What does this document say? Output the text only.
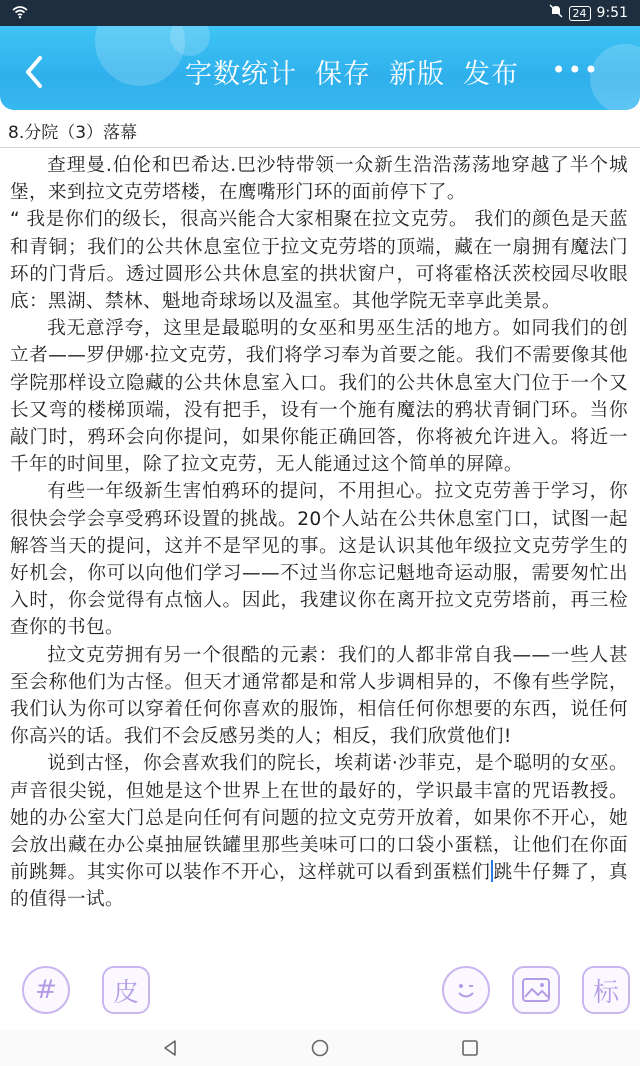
24 9:51
字数统计 保存 新版 发布 •••
8.分院（3）落幕

查理曼.伯伦和巴希达.巴沙特带领一众新生浩浩荡荡地穿越了半个城堡，来到拉文克劳塔楼，在鹰嘴形门环的面前停下了。

“ 我是你们的级长，很高兴能合大家相聚在拉文克劳。 我们的颜色是天蓝和青铜；我们的公共休息室位于拉文克劳塔的顶端，藏在一扇拥有魔法门环的门背后。透过圆形公共休息室的拱状窗户，可将霍格沃茨校园尽收眼底：黑湖、禁林、魁地奇球场以及温室。其他学院无幸享此美景。

我无意浮夸，这里是最聪明的女巫和男巫生活的地方。如同我们的创立者——罗伊娜·拉文克劳，我们将学习奉为首要之能。我们不需要像其他学院那样设立隐藏的公共休息室入口。我们的公共休息室大门位于一个又长又弯的楼梯顶端，没有把手，设有一个施有魔法的鸦状青铜门环。当你敲门时，鸦环会向你提问，如果你能正确回答，你将被允许进入。将近一千年的时间里，除了拉文克劳，无人能通过这个简单的屏障。

有些一年级新生害怕鸦环的提问，不用担心。拉文克劳善于学习，你很快会学会享受鸦环设置的挑战。20个人站在公共休息室门口，试图一起解答当天的提问，这并不是罕见的事。这是认识其他年级拉文克劳学生的好机会，你可以向他们学习——不过当你忘记魁地奇运动服，需要匆忙出入时，你会觉得有点恼人。因此，我建议你在离开拉文克劳塔前，再三检查你的书包。

拉文克劳拥有另一个很酷的元素：我们的人都非常自我——一些人甚至会称他们为古怪。但天才通常都是和常人步调相异的，不像有些学院，我们认为你可以穿着任何你喜欢的服饰，相信任何你想要的东西，说任何你高兴的话。我们不会反感另类的人；相反，我们欣赏他们!

说到古怪，你会喜欢我们的院长，埃莉诺·沙菲克，是个聪明的女巫。声音很尖锐，但她是这个世界上在世的最好的，学识最丰富的咒语教授。她的办公室大门总是向任何有问题的拉文克劳开放着，如果你不开心，她会放出藏在办公桌抽屉铁罐里那些美味可口的口袋小蛋糕，让他们在你面前跳舞。其实你可以装作不开心，这样就可以看到蛋糕们 跳牛仔舞了，真的值得一试。

#	皮	标
